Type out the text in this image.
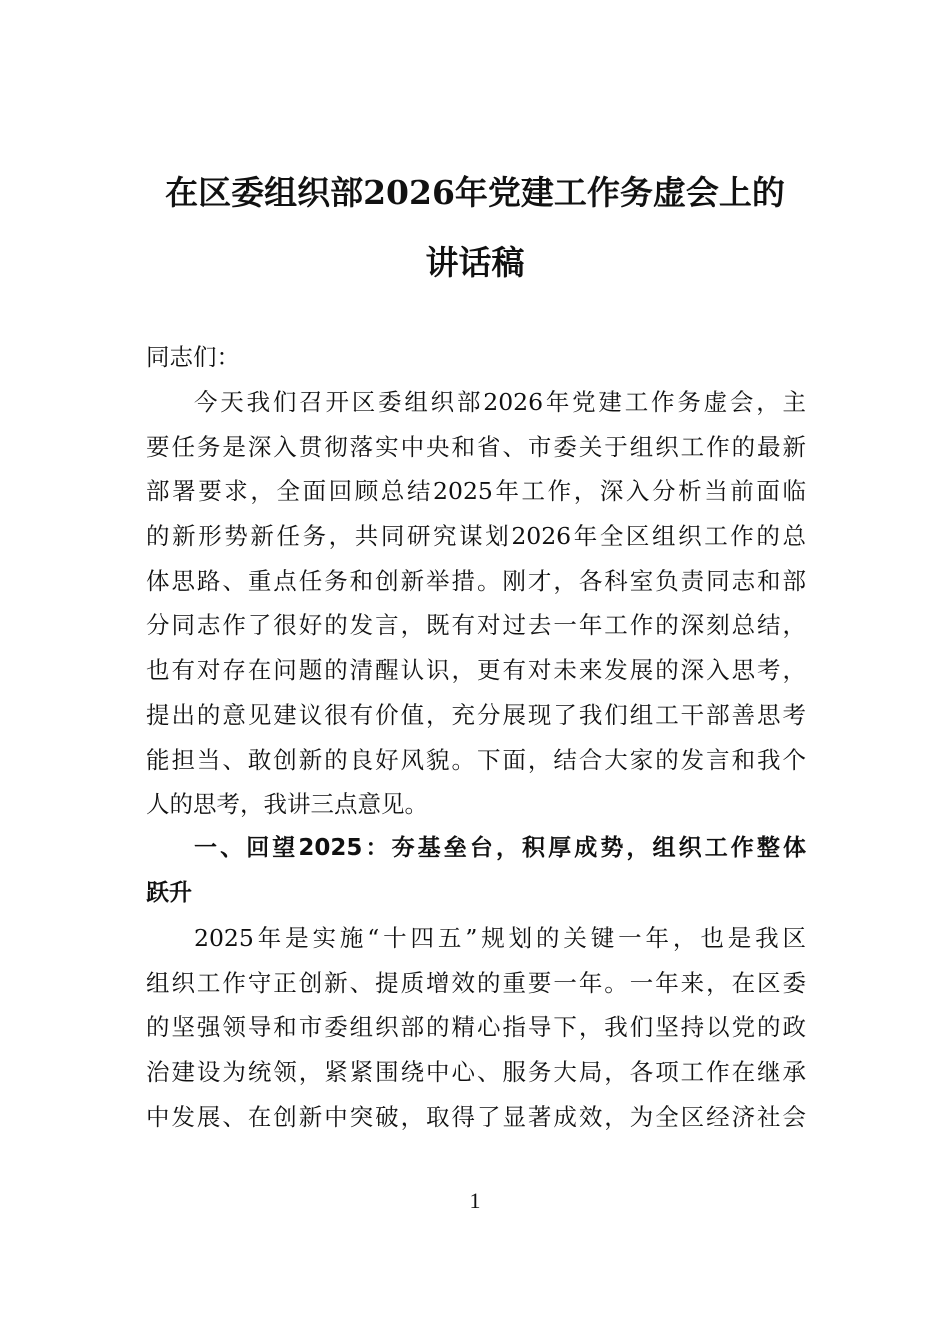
在区委组织部2026年党建工作务虚会上的
讲话稿
同志们：
今天我们召开区委组织部2026年党建工作务虚会，主
要任务是深入贯彻落实中央和省、市委关于组织工作的最新
部署要求，全面回顾总结2025年工作，深入分析当前面临
的新形势新任务，共同研究谋划2026年全区组织工作的总
体思路、重点任务和创新举措。刚才，各科室负责同志和部
分同志作了很好的发言，既有对过去一年工作的深刻总结，
也有对存在问题的清醒认识，更有对未来发展的深入思考，
提出的意见建议很有价值，充分展现了我们组工干部善思考
能担当、敢创新的良好风貌。下面，结合大家的发言和我个
人的思考，我讲三点意见。
一、回望2025：夯基垒台，积厚成势，组织工作整体
跃升
2025年是实施“十四五”规划的关键一年，也是我区
组织工作守正创新、提质增效的重要一年。一年来，在区委
的坚强领导和市委组织部的精心指导下，我们坚持以党的政
治建设为统领，紧紧围绕中心、服务大局，各项工作在继承
中发展、在创新中突破，取得了显著成效，为全区经济社会
1
